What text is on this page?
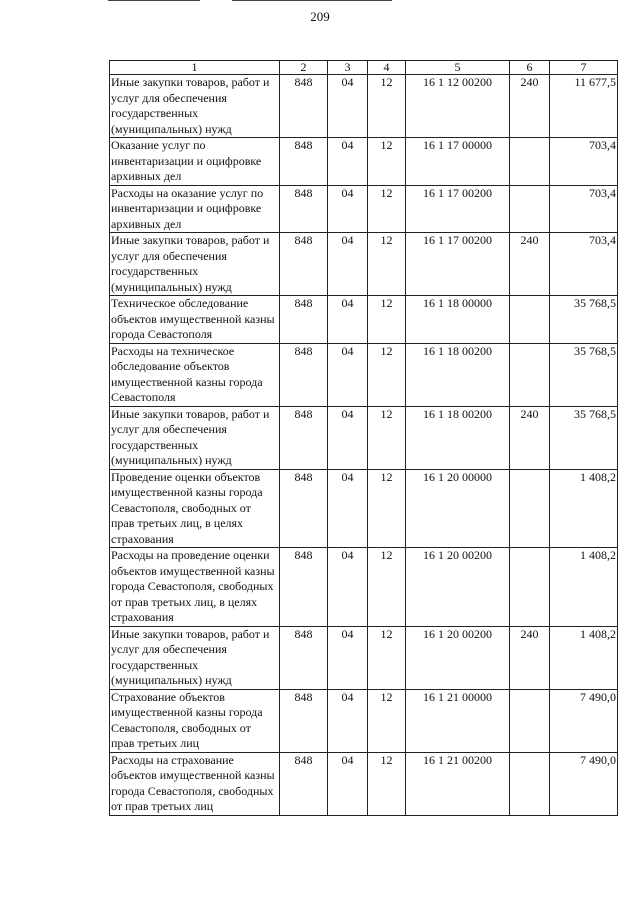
209
1	2	3	4	5	6	7
Иные закупки товаров, работ и услуг для обеспечения государственных (муниципальных) нужд	848	04	12	16 1 12 00200	240	11 677,5
Оказание услуг по инвентаризации и оцифровке архивных дел	848	04	12	16 1 17 00000		703,4
Расходы на оказание услуг по инвентаризации и оцифровке архивных дел	848	04	12	16 1 17 00200		703,4
Иные закупки товаров, работ и услуг для обеспечения государственных (муниципальных) нужд	848	04	12	16 1 17 00200	240	703,4
Техническое обследование объектов имущественной казны города Севастополя	848	04	12	16 1 18 00000		35 768,5
Расходы на техническое обследование объектов имущественной казны города Севастополя	848	04	12	16 1 18 00200		35 768,5
Иные закупки товаров, работ и услуг для обеспечения государственных (муниципальных) нужд	848	04	12	16 1 18 00200	240	35 768,5
Проведение оценки объектов имущественной казны города Севастополя, свободных от прав третьих лиц, в целях страхования	848	04	12	16 1 20 00000		1 408,2
Расходы на проведение оценки объектов имущественной казны города Севастополя, свободных от прав третьих лиц, в целях страхования	848	04	12	16 1 20 00200		1 408,2
Иные закупки товаров, работ и услуг для обеспечения государственных (муниципальных) нужд	848	04	12	16 1 20 00200	240	1 408,2
Страхование объектов имущественной казны города Севастополя, свободных от прав третьих лиц	848	04	12	16 1 21 00000		7 490,0
Расходы на страхование объектов имущественной казны города Севастополя, свободных от прав третьих лиц	848	04	12	16 1 21 00200		7 490,0
